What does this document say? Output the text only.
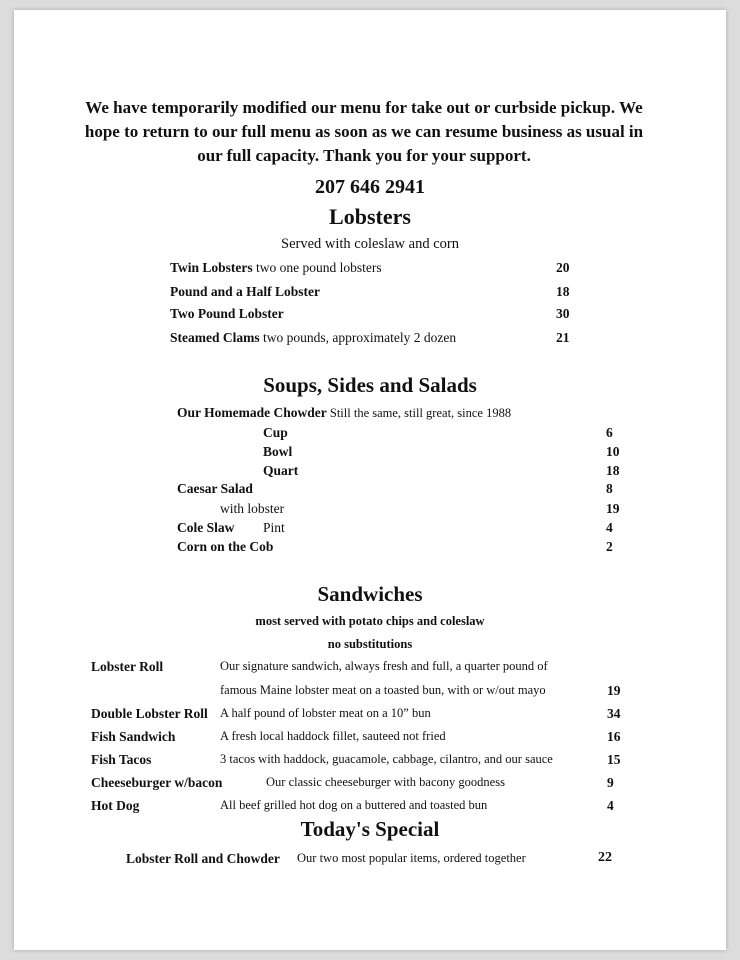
We have temporarily modified our menu for take out or curbside pickup. We hope to return to our full menu as soon as we can resume business as usual in our full capacity. Thank you for your support.
207 646 2941
Lobsters
Served with coleslaw and corn
Twin Lobsters two one pound lobsters	20
Pound and a Half Lobster	18
Two Pound Lobster	30
Steamed Clams two pounds, approximately 2 dozen	21
Soups, Sides and Salads
Our Homemade Chowder Still the same, still great, since 1988
Cup	6
Bowl	10
Quart	18
Caesar Salad	8
with lobster	19
Cole Slaw Pint	4
Corn on the Cob	2
Sandwiches
most served with potato chips and coleslaw
no substitutions
Lobster Roll	Our signature sandwich, always fresh and full, a quarter pound of
famous Maine lobster meat on a toasted bun, with or w/out mayo	19
Double Lobster Roll A half pound of lobster meat on a 10” bun	34
Fish Sandwich	A fresh local haddock fillet, sauteed not fried	16
Fish Tacos	3 tacos with haddock, guacamole, cabbage, cilantro, and our sauce	15
Cheeseburger w/bacon	Our classic cheeseburger with bacony goodness	9
Hot Dog	All beef grilled hot dog on a buttered and toasted bun	4
Today's Special
Lobster Roll and Chowder Our two most popular items, ordered together	22
